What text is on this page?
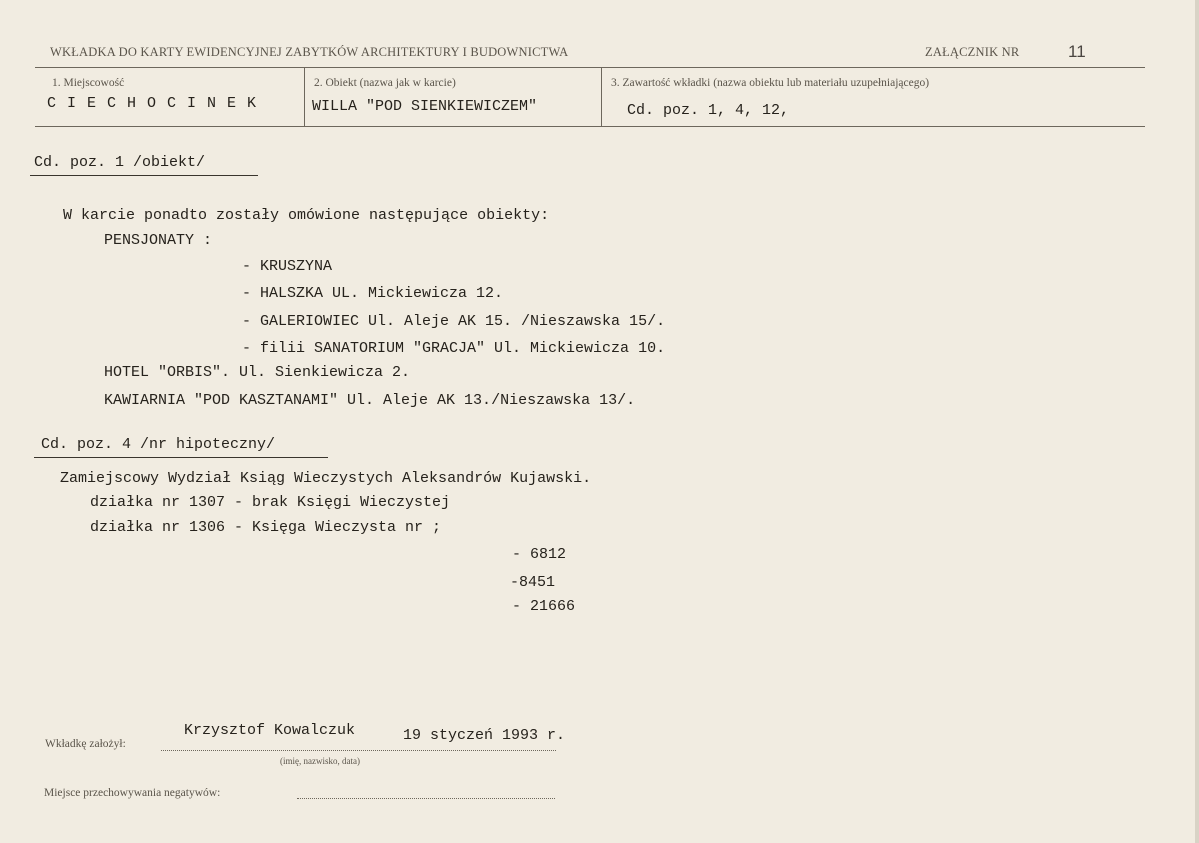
WKŁADKA DO KARTY EWIDENCYJNEJ ZABYTKÓW ARCHITEKTURY I BUDOWNICTWA	ZAŁĄCZNIK NR	11
1. Miejscowość
C I E C H O C I N E K
2. Obiekt (nazwa jak w karcie)
WILLA "POD SIENKIEWICZEM"
3. Zawartość wkładki (nazwa obiektu lub materiału uzupełniającego)
Cd. poz. 1, 4, 12,
Cd. poz. 1 /obiekt/
W karcie ponadto zostały omówione następujące obiekty:
PENSJONATY :
- KRUSZYNA
- HALSZKA UL. Mickiewicza 12.
- GALERIOWIEC Ul. Aleje AK 15. /Nieszawska 15/.
- filii SANATORIUM "GRACJA" Ul. Mickiewicza 10.
HOTEL "ORBIS". Ul. Sienkiewicza 2.
KAWIARNIA "POD KASZTANAMI" Ul. Aleje AK 13./Nieszawska 13/.
Cd. poz. 4 /nr hipoteczny/
Zamiejscowy Wydział Ksiąg Wieczystych Aleksandrów Kujawski.
działka nr 1307 - brak Księgi Wieczystej
działka nr 1306 - Księga Wieczysta nr ;
- 6812
-8451
- 21666
Krzysztof Kowalczuk	19 styczeń 1993 r.
Wkładkę założył:
(imię, nazwisko, data)
Miejsce przechowywania negatywów:
